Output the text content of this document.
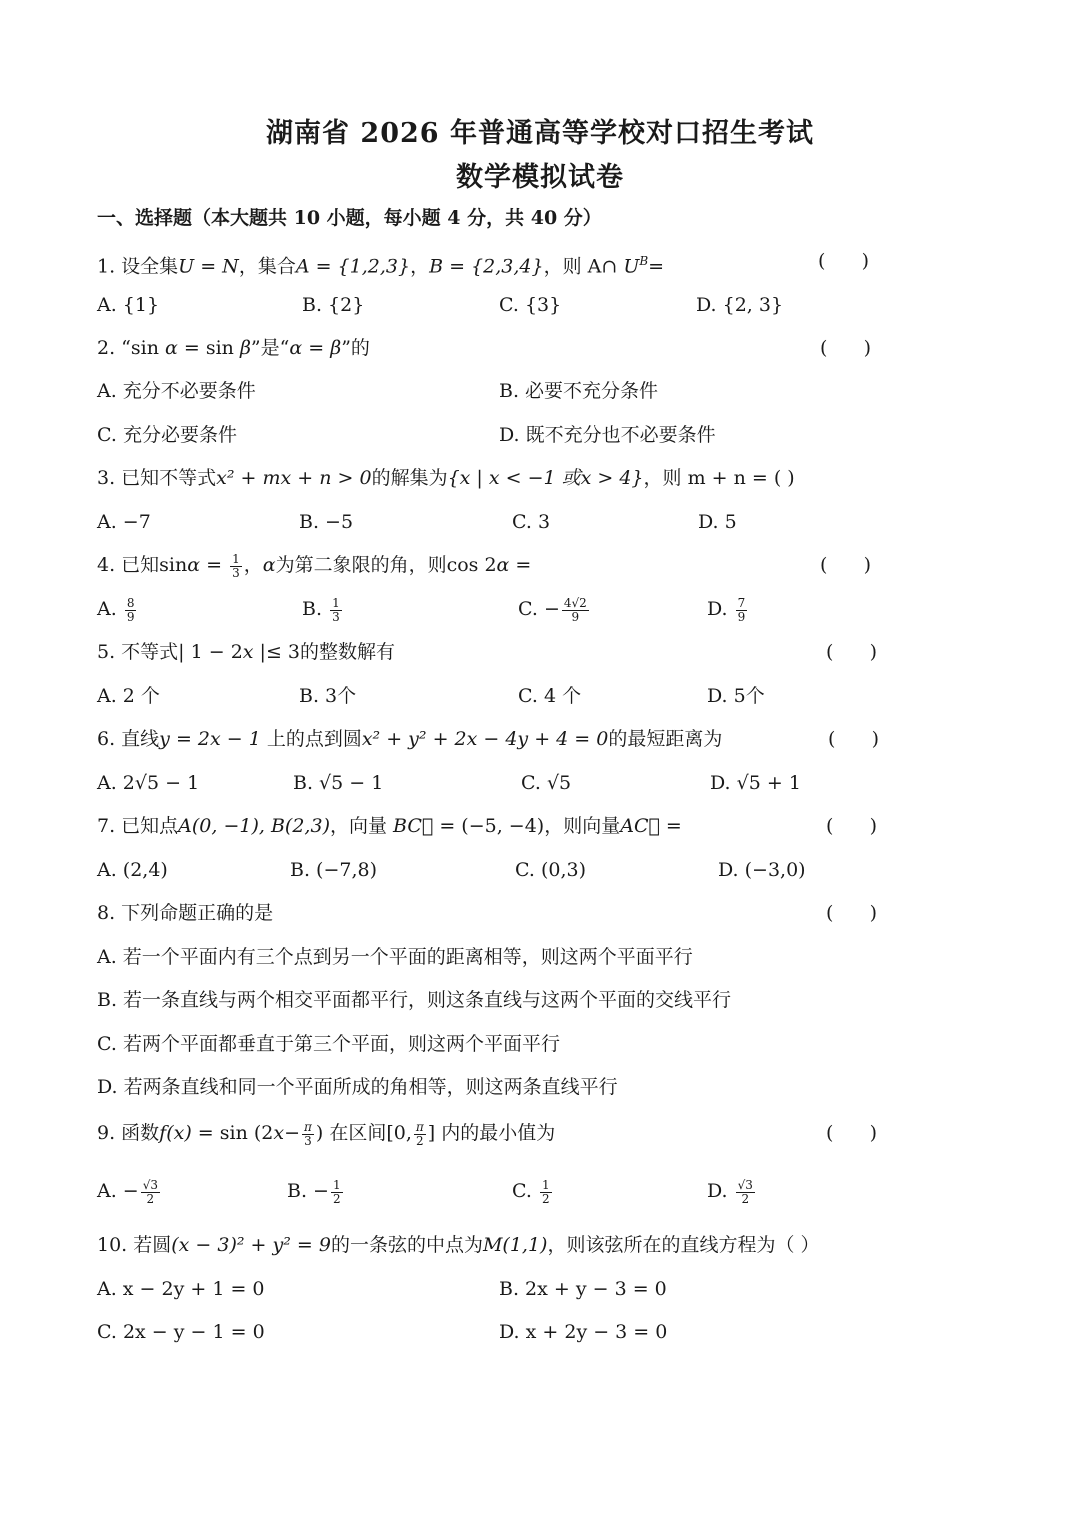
湖南省 2026 年普通高等学校对口招生考试
数学模拟试卷
一、选择题（本大题共 10 小题，每小题 4 分，共 40 分）
1. 设全集U = N，集合A = {1,2,3}，B = {2,3,4}，则 A∩ $U^B=$	(      )
A. {1}	B. {2}	C. {3}	D. {2, 3}
2. “sin α = sin β”是“α = β”的	(      )
A. 充分不必要条件	B. 必要不充分条件
C. 充分必要条件	D. 既不充分也不必要条件
3. 已知不等式x² + mx + n > 0的解集为{x | x < −1 或x > 4}，则 m + n = ( )
A. −7	B. −5	C. 3	D. 5
4. 已知$\sin\alpha = \frac{1}{3}$ ，α为第二象限的角，则cos 2α =	(      )
A. $\frac{8}{9}$	B. $\frac{1}{3}$	C. − $\frac{4√2}{9}$	D. $\frac{7}{9}$
5. 不等式| 1 − 2x |≤ 3的整数解有	(      )
A. 2 个	B. 3个	C. 4 个	D. 5个
6. 直线y = 2x − 1 上的点到圆x² + y² + 2x − 4y + 4 = 0的最短距离为	(      )
A. 2√5 − 1	B. √5 − 1	C. √5	D. √5 + 1
7. 已知点A(0, −1), B(2,3)，向量 BC⃗ = (−5, −4)，则向量AC⃗ =	(      )
A. (2,4)	B. (−7,8)	C. (0,3)	D. (−3,0)
8. 下列命题正确的是	(      )
A. 若一个平面内有三个点到另一个平面的距离相等，则这两个平面平行
B. 若一条直线与两个相交平面都平行，则这条直线与这两个平面的交线平行
C. 若两个平面都垂直于第三个平面，则这两个平面平行
D. 若两条直线和同一个平面所成的角相等，则这两条直线平行
9. 函数$f(x) = \sin (2x- \frac{\pi}{3}$ ) 在区间[0, $\frac{\pi}{2}$ ] 内的最小值为	(      )
A. − $\frac{√3}{2}$	B. − $\frac{1}{2}$	C. $\frac{1}{2}$	D. $\frac{√3}{2}$
10. 若圆(x − 3)² + y² = 9的一条弦的中点为M(1,1)，则该弦所在的直线方程为（ ）
A. x − 2y + 1 = 0	B. 2x + y − 3 = 0
C. 2x − y − 1 = 0	D. x + 2y − 3 = 0
